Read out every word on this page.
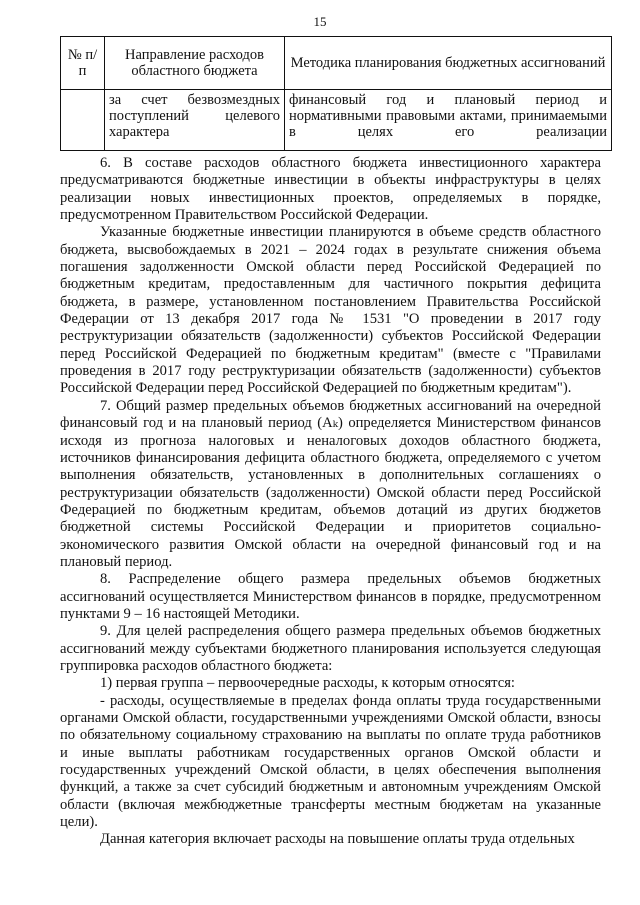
15
№ п/п	Направление расходов областного бюджета	Методика планирования бюджетных ассигнований
	за счет безвозмездных поступлений целевого характера	финансовый год и плановый период и нормативными правовыми актами, принимаемыми в целях его реализации

6. В составе расходов областного бюджета инвестиционного характера предусматриваются бюджетные инвестиции в объекты инфраструктуры в целях реализации новых инвестиционных проектов, определяемых в порядке, предусмотренном Правительством Российской Федерации.

Указанные бюджетные инвестиции планируются в объеме средств областного бюджета, высвобождаемых в 2021 – 2024 годах в результате снижения объема погашения задолженности Омской области перед Российской Федерацией по бюджетным кредитам, предоставленным для частичного покрытия дефицита бюджета, в размере, установленном постановлением Правительства Российской Федерации от 13 декабря 2017 года № 1531 "О проведении в 2017 году реструктуризации обязательств (задолженности) субъектов Российской Федерации перед Российской Федерацией по бюджетным кредитам" (вместе с "Правилами проведения в 2017 году реструктуризации обязательств (задолженности) субъектов Российской Федерации перед Российской Федерацией по бюджетным кредитам").

7. Общий размер предельных объемов бюджетных ассигнований на очередной финансовый год и на плановый период (Aₖ) определяется Министерством финансов исходя из прогноза налоговых и неналоговых доходов областного бюджета, источников финансирования дефицита областного бюджета, определяемого с учетом выполнения обязательств, установленных в дополнительных соглашениях о реструктуризации обязательств (задолженности) Омской области перед Российской Федерацией по бюджетным кредитам, объемов дотаций из других бюджетов бюджетной системы Российской Федерации и приоритетов социально-экономического развития Омской области на очередной финансовый год и на плановый период.

8. Распределение общего размера предельных объемов бюджетных ассигнований осуществляется Министерством финансов в порядке, предусмотренном пунктами 9 – 16 настоящей Методики.

9. Для целей распределения общего размера предельных объемов бюджетных ассигнований между субъектами бюджетного планирования используется следующая группировка расходов областного бюджета:

1) первая группа – первоочередные расходы, к которым относятся:

- расходы, осуществляемые в пределах фонда оплаты труда государственными органами Омской области, государственными учреждениями Омской области, взносы по обязательному социальному страхованию на выплаты по оплате труда работников и иные выплаты работникам государственных органов Омской области и государственных учреждений Омской области, в целях обеспечения выполнения функций, а также за счет субсидий бюджетным и автономным учреждениям Омской области (включая межбюджетные трансферты местным бюджетам на указанные цели).

Данная категория включает расходы на повышение оплаты труда отдельных
